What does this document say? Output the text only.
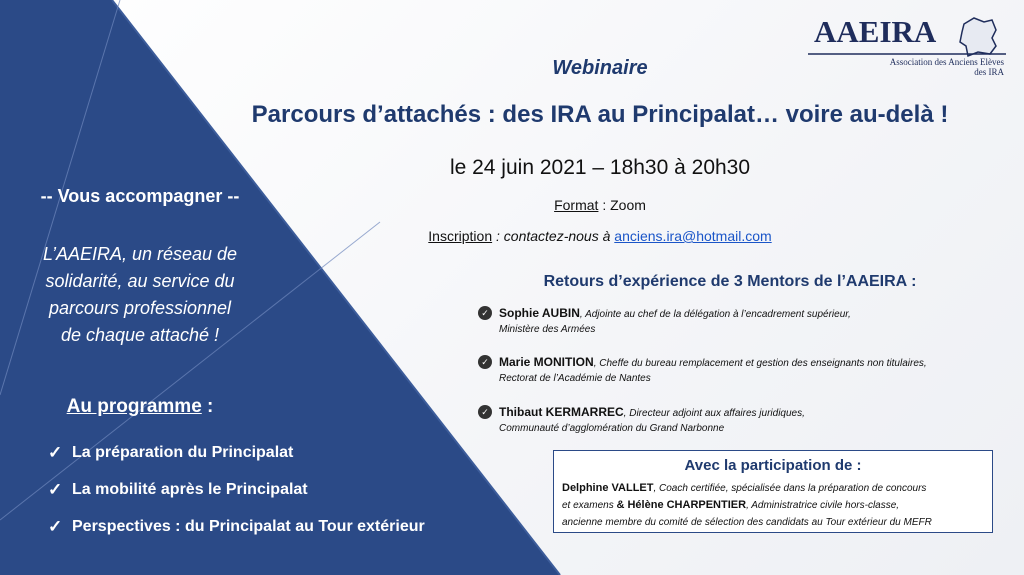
-- Vous accompagner --
L’AAEIRA, un réseau de
solidarité, au service du
parcours professionnel
de chaque attaché !
Au programme :
✓ La préparation du Principalat
✓ La mobilité après le Principalat
✓ Perspectives : du Principalat au Tour extérieur
AAEIRA
Association des Anciens Elèves
des IRA
Webinaire
Parcours d’attachés : des IRA au Principalat… voire au-delà !
le 24 juin 2021 – 18h30 à 20h30
Format : Zoom
Inscription : contactez-nous à anciens.ira@hotmail.com
Retours d’expérience de 3 Mentors de l’AAEIRA :
✓ Sophie AUBIN, Adjointe au chef de la délégation à l’encadrement supérieur,
Ministère des Armées
✓ Marie MONITION, Cheffe du bureau remplacement et gestion des enseignants non titulaires,
Rectorat de l’Académie de Nantes
✓ Thibaut KERMARREC, Directeur adjoint aux affaires juridiques,
Communauté d’agglomération du Grand Narbonne
Avec la participation de :
Delphine VALLET, Coach certifiée, spécialisée dans la préparation de concours
et examens & Hélène CHARPENTIER, Administratrice civile hors-classe,
ancienne membre du comité de sélection des candidats au Tour extérieur du MEFR
